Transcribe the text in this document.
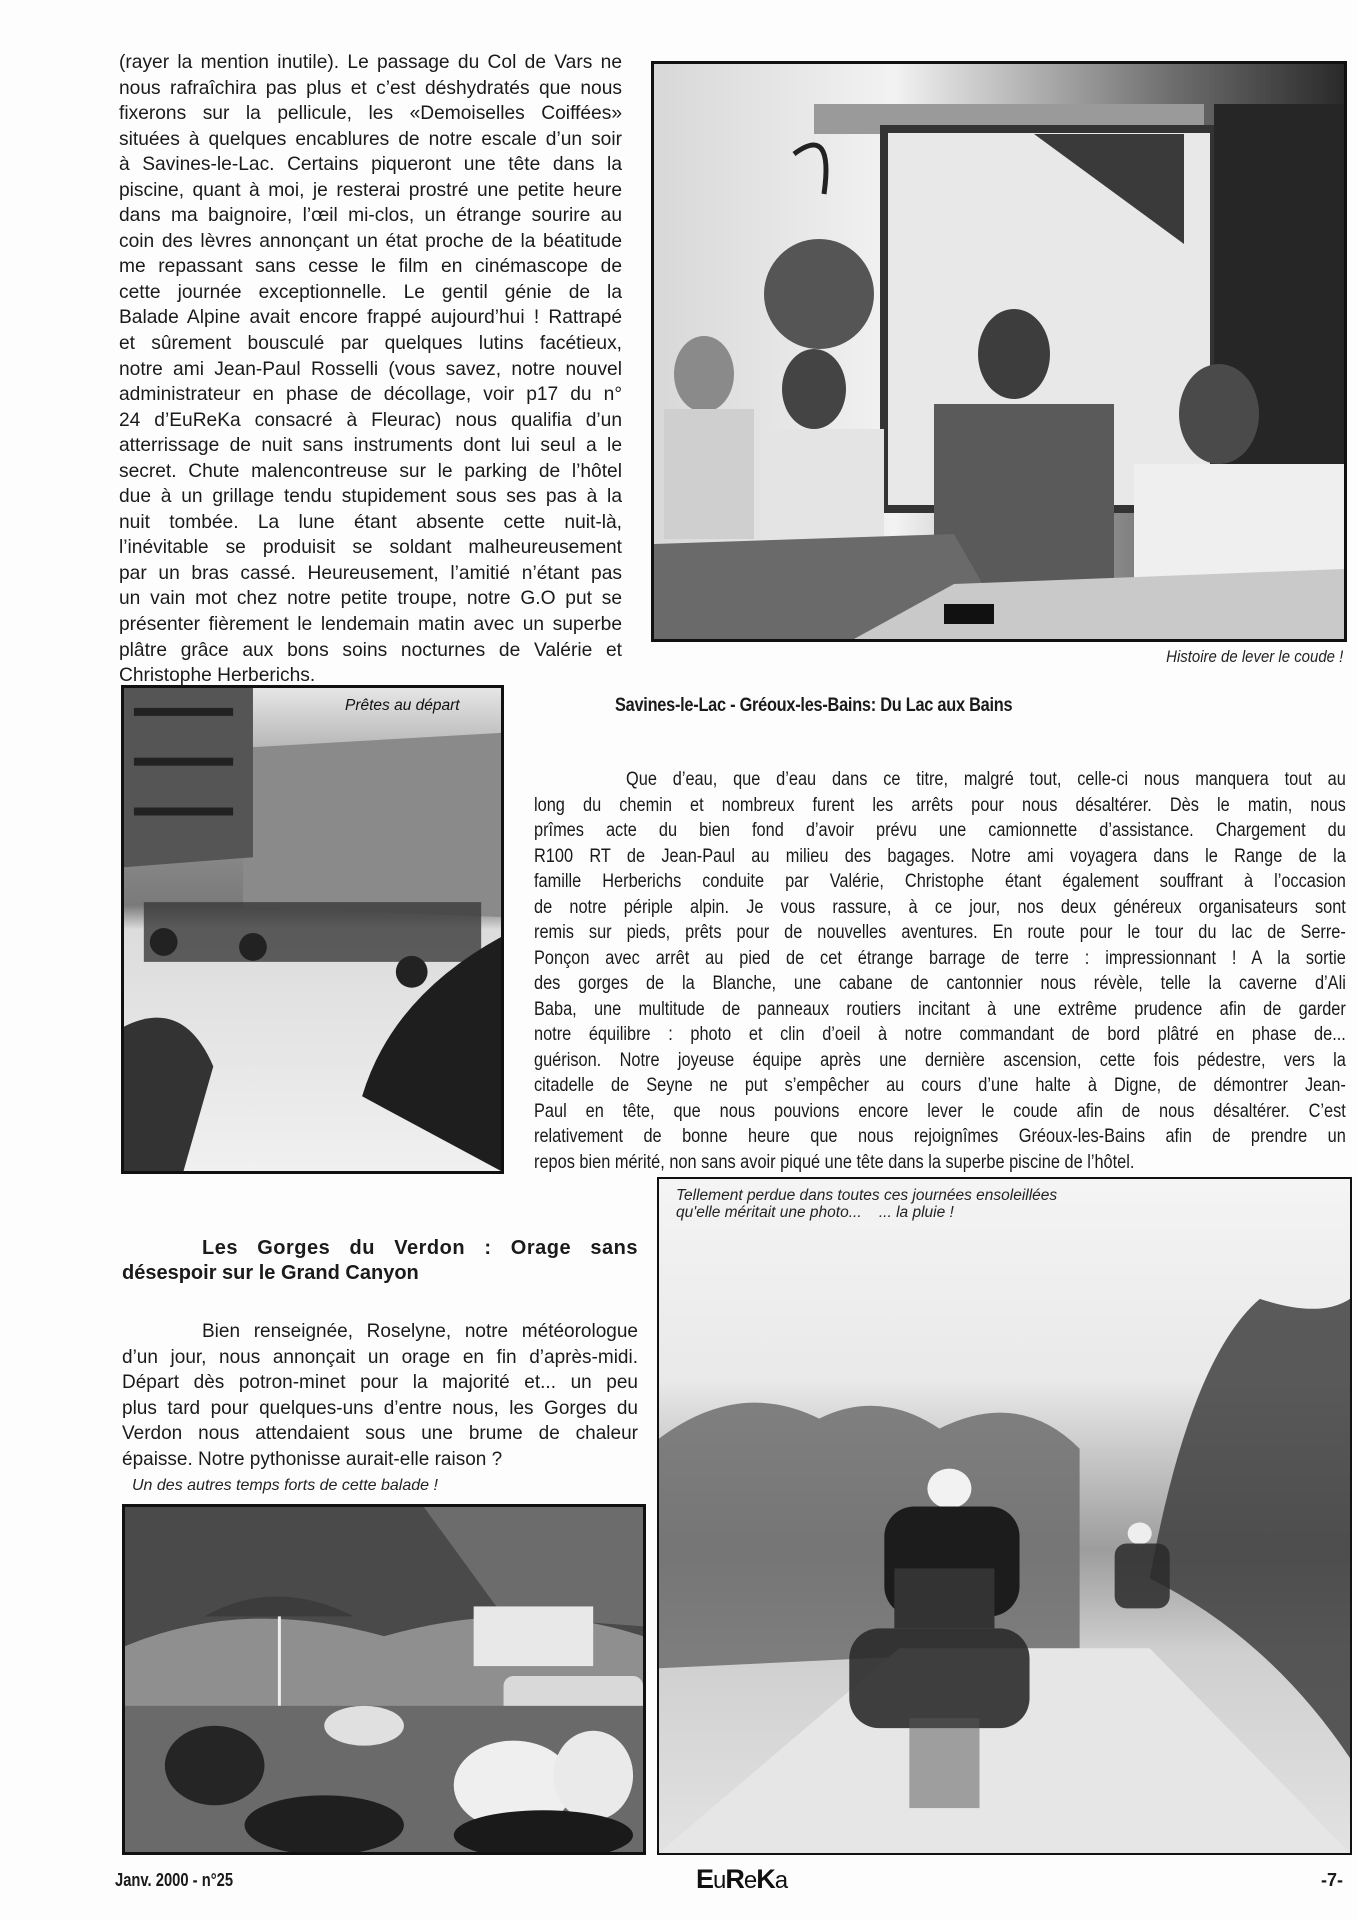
(rayer la mention inutile). Le passage du Col de Vars ne
nous rafraîchira pas plus et c’est déshydratés que nous
fixerons sur la pellicule, les «Demoiselles Coiffées»
situées à quelques encablures de notre escale d’un soir
à Savines-le-Lac. Certains piqueront une tête dans la
piscine, quant à moi, je resterai prostré une petite heure
dans ma baignoire, l’œil mi-clos, un étrange sourire au
coin des lèvres annonçant un état proche de la béatitude
me repassant sans cesse le film en cinémascope de
cette journée exceptionnelle. Le gentil génie de la
Balade Alpine avait encore frappé aujourd’hui ! Rattrapé
et sûrement bousculé par quelques lutins facétieux,
notre ami Jean-Paul Rosselli (vous savez, notre nouvel
administrateur en phase de décollage, voir p17 du n°
24 d’EuReKa consacré à Fleurac) nous qualifia d’un
atterrissage de nuit sans instruments dont lui seul a le
secret. Chute malencontreuse sur le parking de l’hôtel
due à un grillage tendu stupidement sous ses pas à la
nuit tombée. La lune étant absente cette nuit-là,
l’inévitable se produisit se soldant malheureusement
par un bras cassé. Heureusement, l’amitié n’étant pas
un vain mot chez notre petite troupe, notre G.O put se
présenter fièrement le lendemain matin avec un superbe
plâtre grâce aux bons soins nocturnes de Valérie et
Christophe Herberichs.
Histoire de lever le coude !
Prêtes au départ	Savines-le-Lac - Gréoux-les-Bains: Du Lac aux Bains
Que d’eau, que d’eau dans ce titre, malgré tout, celle-ci nous manquera tout au
long du chemin et nombreux furent les arrêts pour nous désaltérer. Dès le matin, nous
prîmes acte du bien fond d’avoir prévu une camionnette d’assistance. Chargement du
R100 RT de Jean-Paul au milieu des bagages. Notre ami voyagera dans le Range de la
famille Herberichs conduite par Valérie, Christophe étant également souffrant à l’occasion
de notre périple alpin. Je vous rassure, à ce jour, nos deux généreux organisateurs sont
remis sur pieds, prêts pour de nouvelles aventures. En route pour le tour du lac de Serre-
Ponçon avec arrêt au pied de cet étrange barrage de terre : impressionnant ! A la sortie
des gorges de la Blanche, une cabane de cantonnier nous révèle, telle la caverne d’Ali
Baba, une multitude de panneaux routiers incitant à une extrême prudence afin de garder
notre équilibre : photo et clin d’oeil à notre commandant de bord plâtré en phase de...
guérison. Notre joyeuse équipe après une dernière ascension, cette fois pédestre, vers la
citadelle de Seyne ne put s’empêcher au cours d’une halte à Digne, de démontrer Jean-
Paul en tête, que nous pouvions encore lever le coude afin de nous désaltérer. C’est
relativement de bonne heure que nous rejoignîmes Gréoux-les-Bains afin de prendre un
repos bien mérité, non sans avoir piqué une tête dans la superbe piscine de l’hôtel.
Les Gorges du Verdon : Orage sans
désespoir sur le Grand Canyon
Bien renseignée, Roselyne, notre météorologue
d’un jour, nous annonçait un orage en fin d’après-midi.
Départ dès potron-minet pour la majorité et... un peu
plus tard pour quelques-uns d’entre nous, les Gorges du
Verdon nous attendaient sous une brume de chaleur
épaisse. Notre pythonisse aurait-elle raison ?
Tellement perdue dans toutes ces journées ensoleillées
qu'elle méritait une photo...    ... la pluie !
Un des autres temps forts de cette balade !
Janv. 2000 - n°25	EuReKa	-7-
